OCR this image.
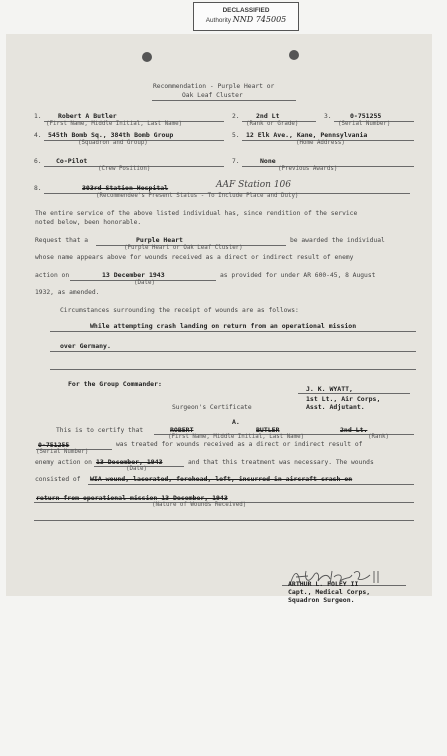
DECLASSIFIED
Authority NND 745005
Recommendation - Purple Heart or
Oak Leaf Cluster
1.	Robert A Butler
(First Name, Middle Initial, Last Name)
2.	2nd Lt
(Rank or Grade)
3.	0-751255
(Serial Number)
4. 545th Bomb Sq., 384th Bomb Group
(Squadron and Group)
5. 12 Elk Ave., Kane, Pennsylvania
(Home Address)
6. Co-Pilot
(Crew Position)
7.	None
(Previous Awards)
8.	303rd Station Hospital	AAF Station 106
(Recommendee's Present Status - To Include Place and Duty)
The entire service of the above listed individual has, since rendition of the service
noted below, been honorable.
Request that a	Purple Heart	be awarded the individual
(Purple Heart or Oak Leaf Cluster)
whose name appears above for wounds received as a direct or indirect result of enemy
action on	13 December 1943
(Date)
as provided for under AR 600-45, 8 August
1932, as amended.
Circumstances surrounding the receipt of wounds are as follows:
While attempting crash landing on return from an operational mission
over Germany.
For the Group Commander:
J. K. WYATT,
1st Lt., Air Corps,
Asst. Adjutant.
Surgeon's Certificate
A.
This is to certify that	ROBERT	BUTLER	2nd Lt.
(First Name, Middle Initial, Last Name)	(Rank)
0-751255	was treated for wounds received as a direct or indirect result of
(Serial Number)
enemy action on 13 December, 1943
(Date)
and that this treatment was necessary. The wounds
consisted of WIA wound, lacerated, forehead, left, incurred in aircraft crash on
return from operational mission 13 December, 1943
(Nature of Wounds Received)
ARTHUR L. FOLEY II
Capt., Medical Corps,
Squadron Surgeon.
